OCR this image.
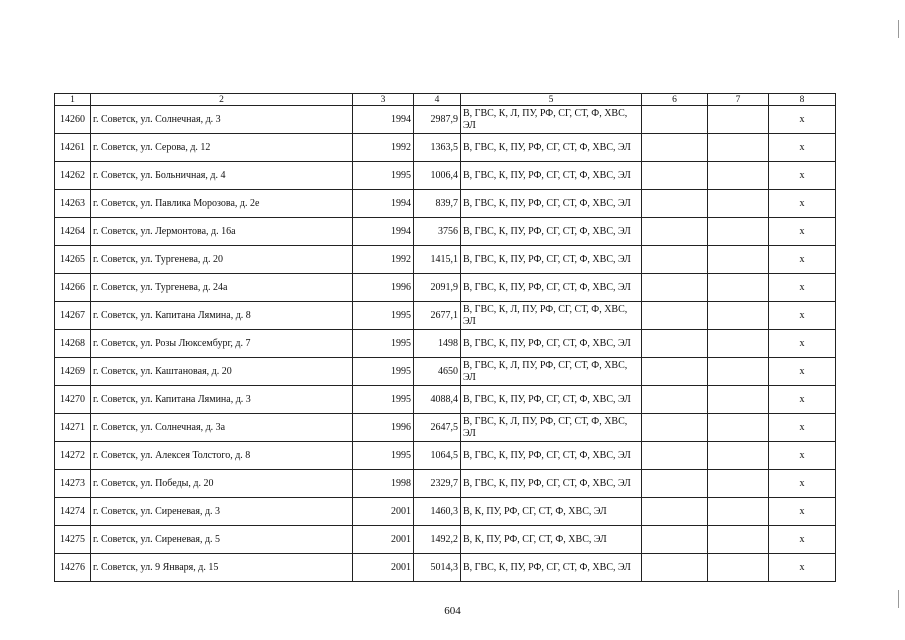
1	2	3	4	5	6	7	8
14260	г. Советск, ул. Солнечная, д. 3	1994	2987,9	В, ГВС, К, Л, ПУ, РФ, СГ, СТ, Ф, ХВС, ЭЛ			x
14261	г. Советск, ул. Серова, д. 12	1992	1363,5	В, ГВС, К, ПУ, РФ, СГ, СТ, Ф, ХВС, ЭЛ			x
14262	г. Советск, ул. Больничная, д. 4	1995	1006,4	В, ГВС, К, ПУ, РФ, СГ, СТ, Ф, ХВС, ЭЛ			x
14263	г. Советск, ул. Павлика Морозова, д. 2е	1994	839,7	В, ГВС, К, ПУ, РФ, СГ, СТ, Ф, ХВС, ЭЛ			x
14264	г. Советск, ул. Лермонтова, д. 16а	1994	3756	В, ГВС, К, ПУ, РФ, СГ, СТ, Ф, ХВС, ЭЛ			x
14265	г. Советск, ул. Тургенева, д. 20	1992	1415,1	В, ГВС, К, ПУ, РФ, СГ, СТ, Ф, ХВС, ЭЛ			x
14266	г. Советск, ул. Тургенева, д. 24а	1996	2091,9	В, ГВС, К, ПУ, РФ, СГ, СТ, Ф, ХВС, ЭЛ			x
14267	г. Советск, ул. Капитана Лямина, д. 8	1995	2677,1	В, ГВС, К, Л, ПУ, РФ, СГ, СТ, Ф, ХВС, ЭЛ			x
14268	г. Советск, ул. Розы Люксембург, д. 7	1995	1498	В, ГВС, К, ПУ, РФ, СГ, СТ, Ф, ХВС, ЭЛ			x
14269	г. Советск, ул. Каштановая, д. 20	1995	4650	В, ГВС, К, Л, ПУ, РФ, СГ, СТ, Ф, ХВС, ЭЛ			x
14270	г. Советск, ул. Капитана Лямина, д. 3	1995	4088,4	В, ГВС, К, ПУ, РФ, СГ, СТ, Ф, ХВС, ЭЛ			x
14271	г. Советск, ул. Солнечная, д. 3а	1996	2647,5	В, ГВС, К, Л, ПУ, РФ, СГ, СТ, Ф, ХВС, ЭЛ			x
14272	г. Советск, ул. Алексея Толстого, д. 8	1995	1064,5	В, ГВС, К, ПУ, РФ, СГ, СТ, Ф, ХВС, ЭЛ			x
14273	г. Советск, ул. Победы, д. 20	1998	2329,7	В, ГВС, К, ПУ, РФ, СГ, СТ, Ф, ХВС, ЭЛ			x
14274	г. Советск, ул. Сиреневая, д. 3	2001	1460,3	В, К, ПУ, РФ, СГ, СТ, Ф, ХВС, ЭЛ			x
14275	г. Советск, ул. Сиреневая, д. 5	2001	1492,2	В, К, ПУ, РФ, СГ, СТ, Ф, ХВС, ЭЛ			x
14276	г. Советск, ул. 9 Января, д. 15	2001	5014,3	В, ГВС, К, ПУ, РФ, СГ, СТ, Ф, ХВС, ЭЛ			x
604
